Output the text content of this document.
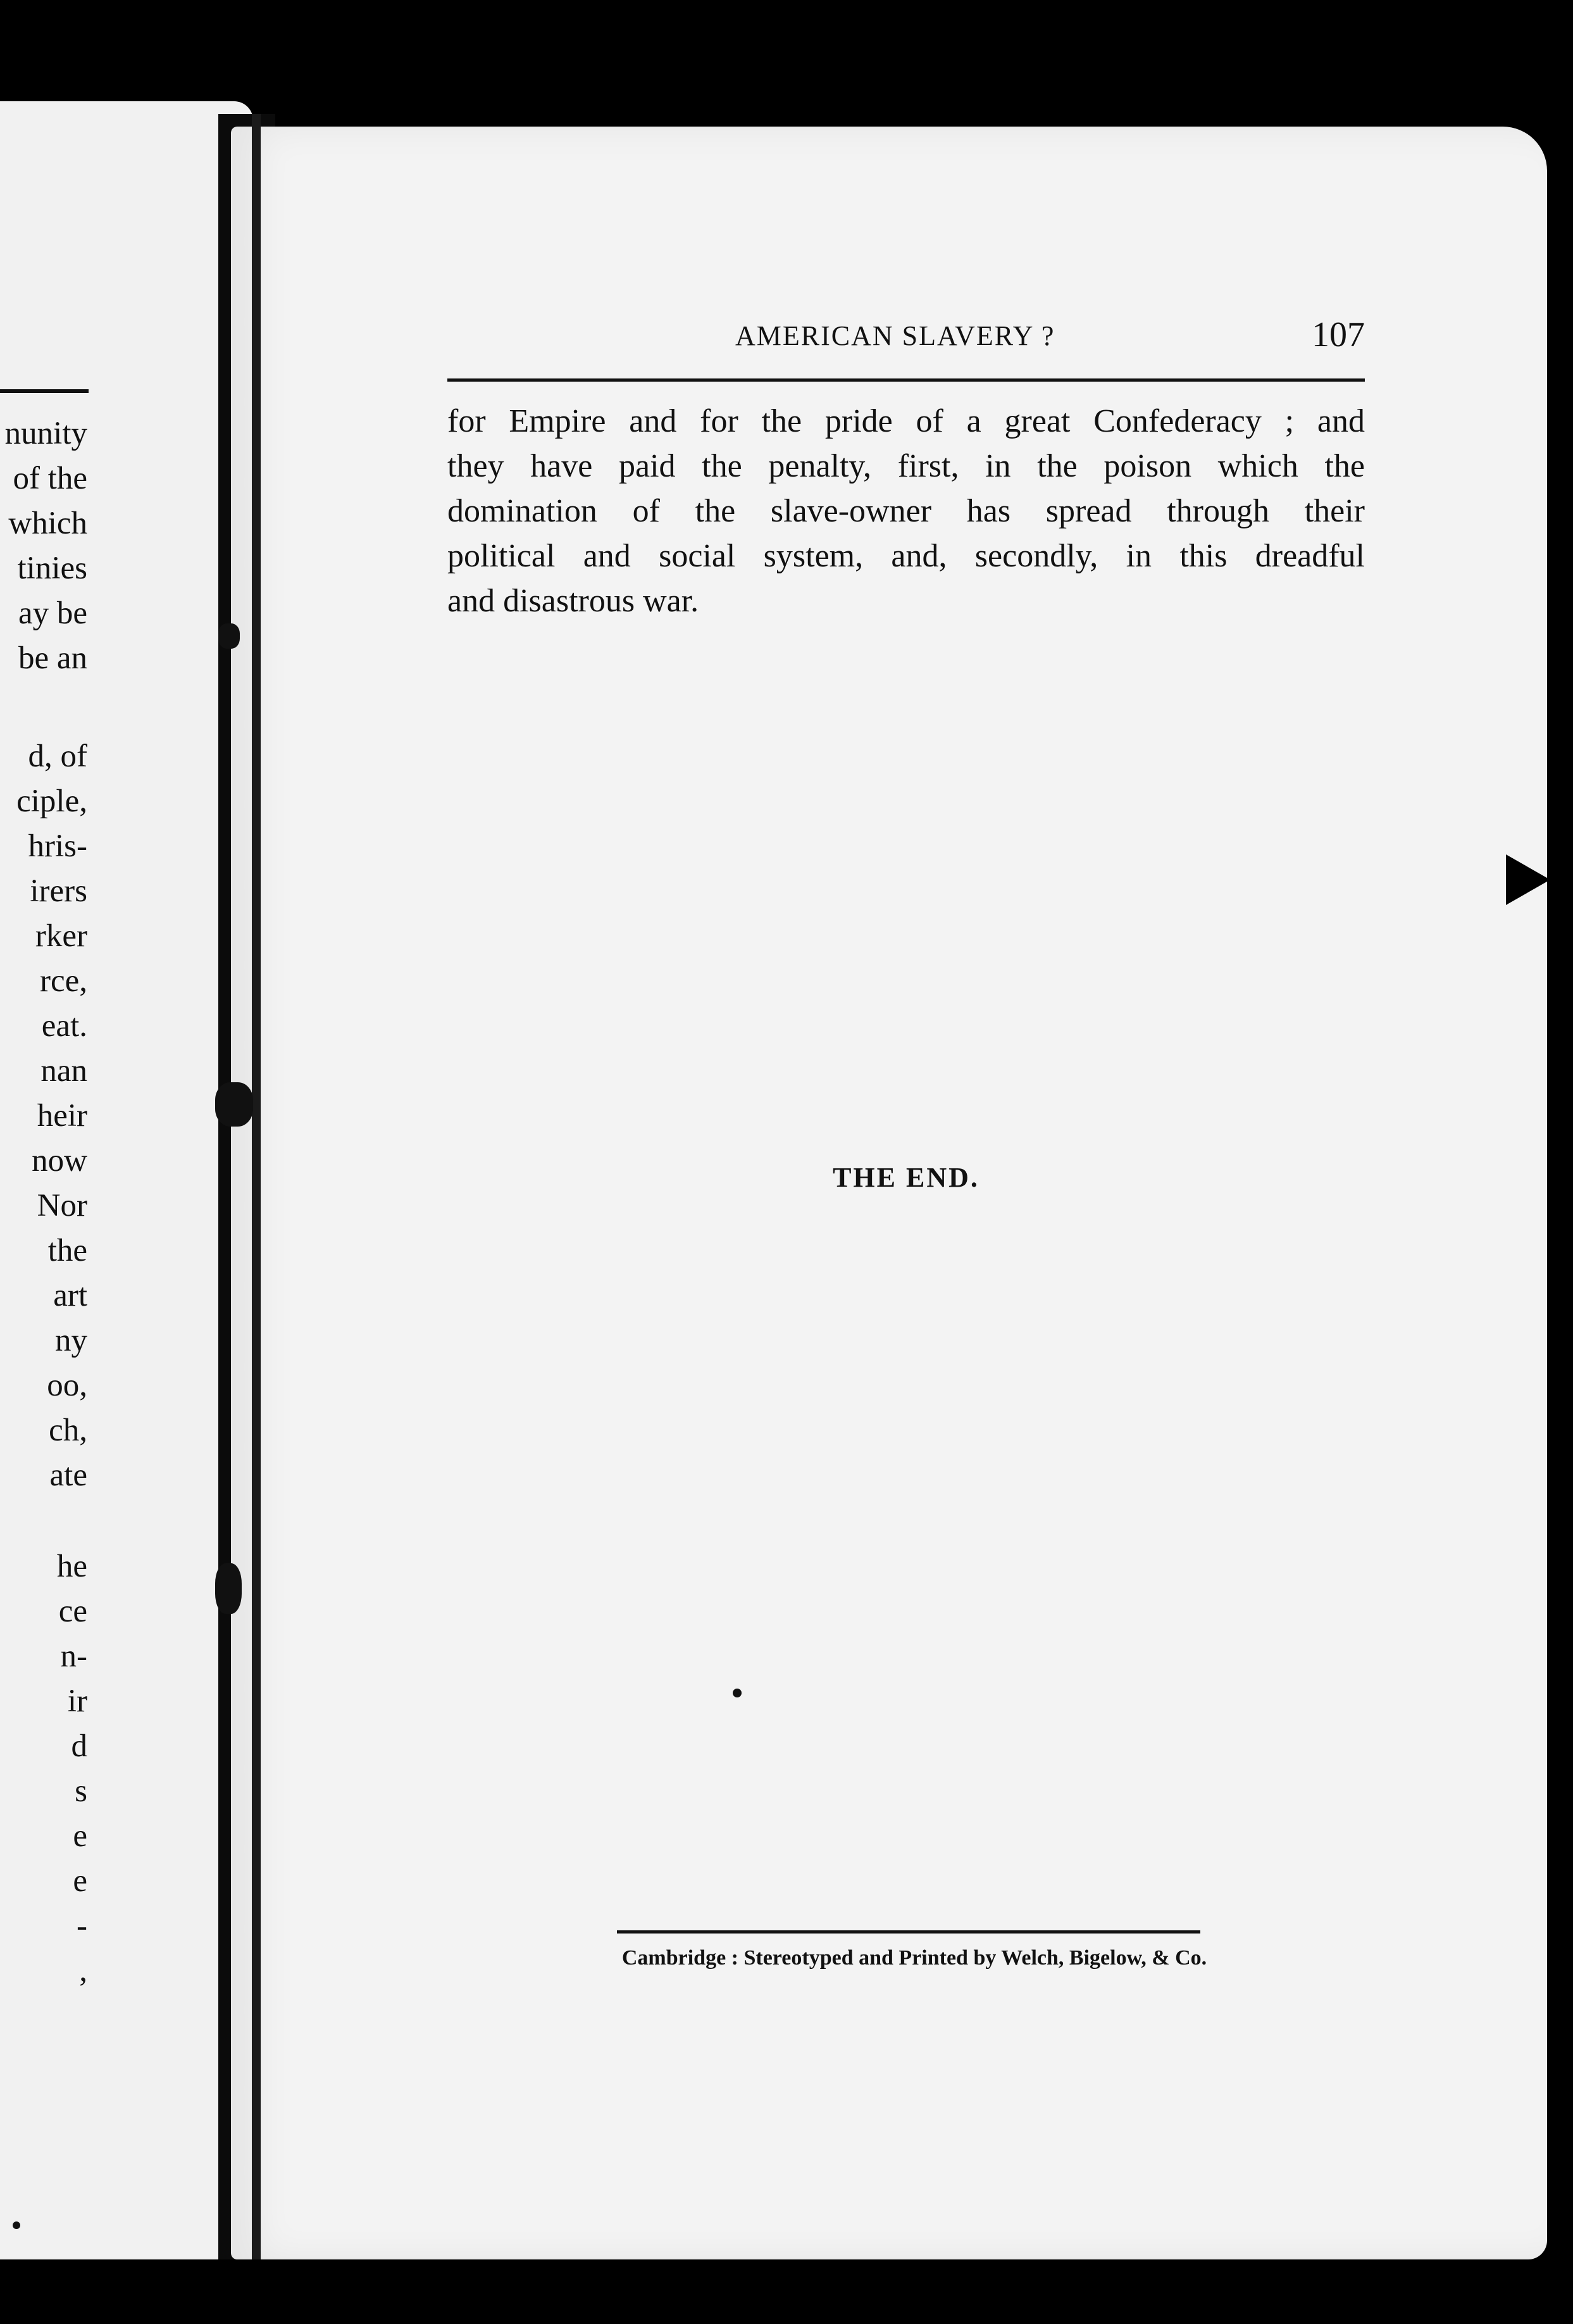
nunity
of the
which
tinies
ay be
be an
d, of
ciple,
hris-
irers
rker
rce,
eat.
nan
heir
now
Nor
the
art
ny
oo,
ch,
ate
he
ce
n-
ir
d
s
e
e
-
,
AMERICAN SLAVERY ?	107
for Empire and for the pride of a great Confederacy ; and
they have paid the penalty, first, in the poison which the
domination of the slave-owner has spread through their
political and social system, and, secondly, in this dreadful
and disastrous war.
THE END.
Cambridge : Stereotyped and Printed by Welch, Bigelow, & Co.
